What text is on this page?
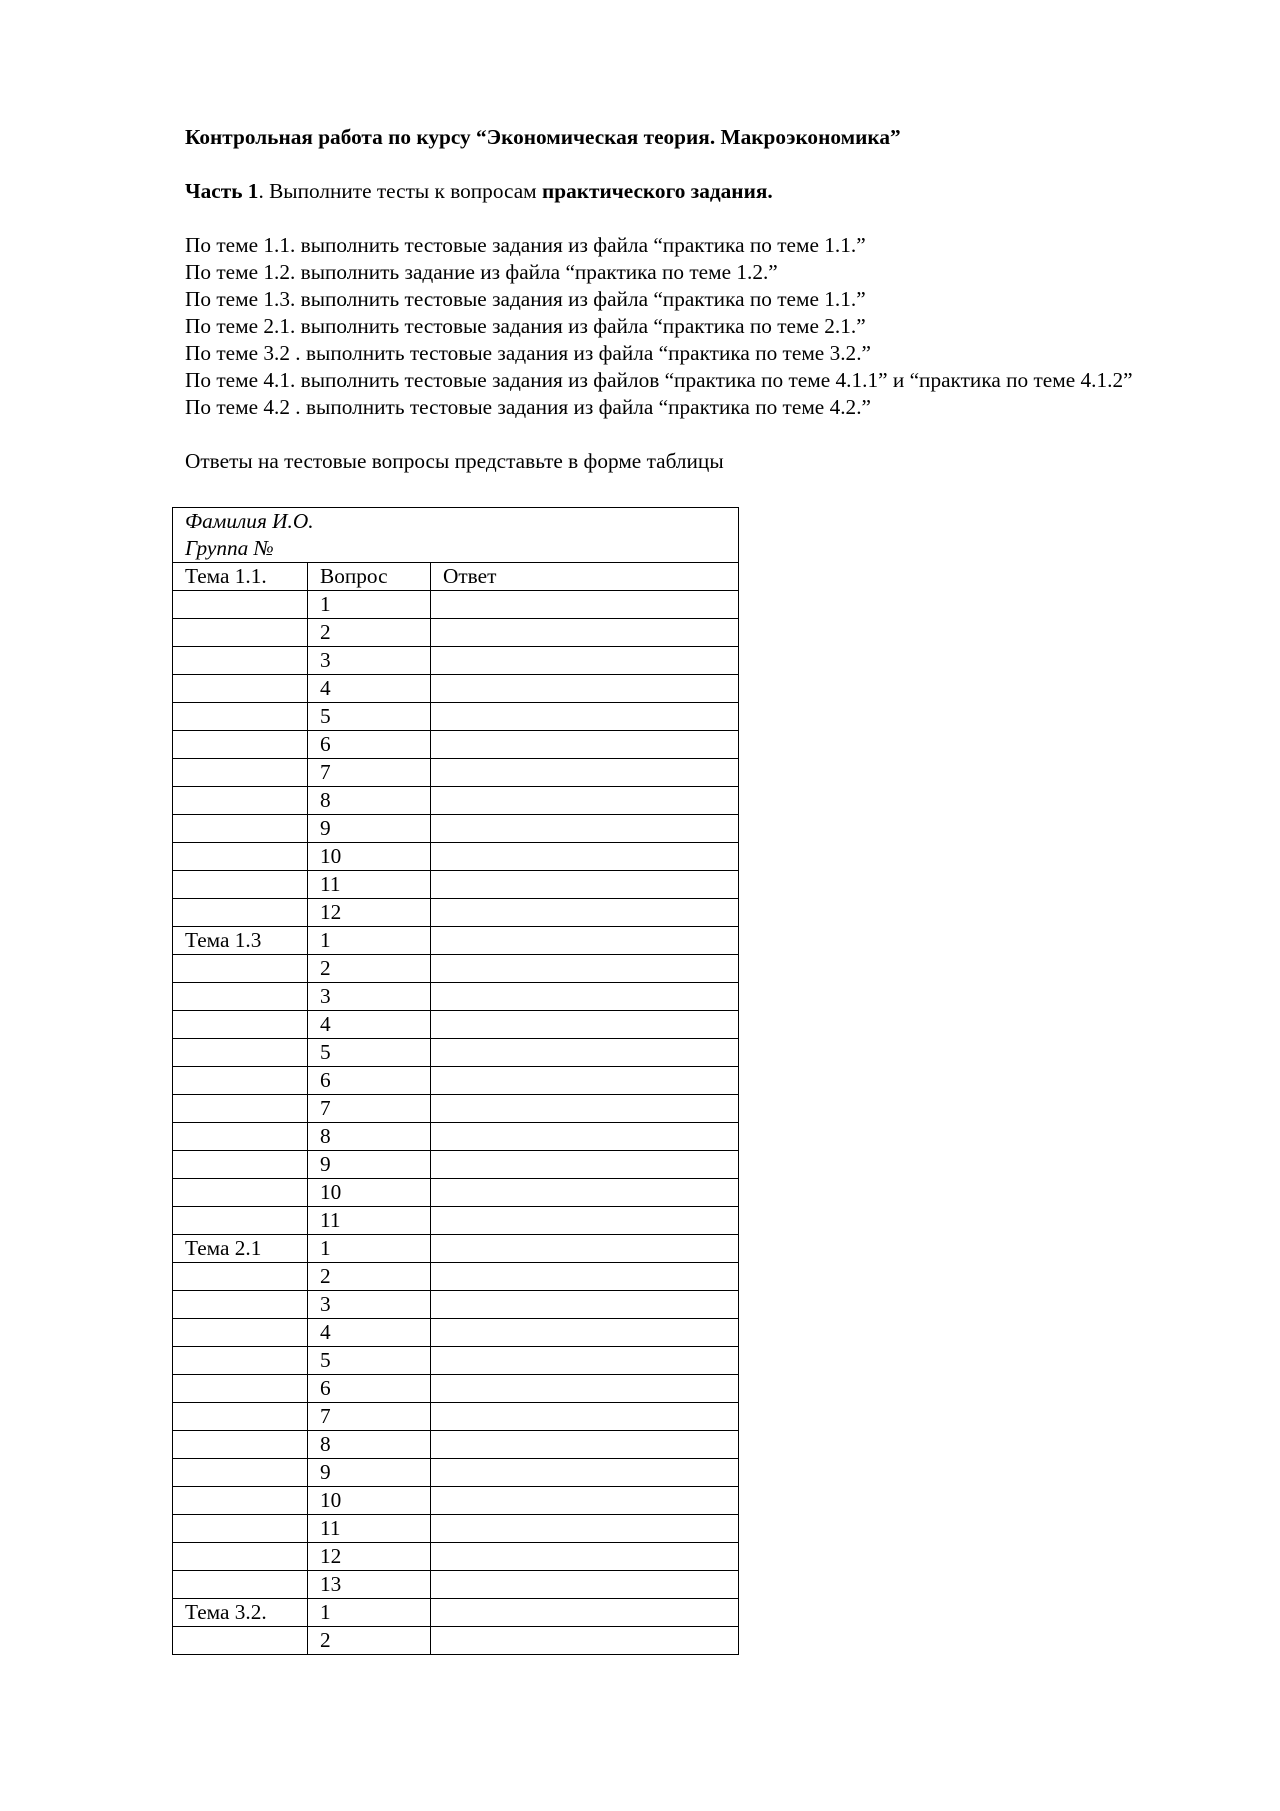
Контрольная работа по курсу “Экономическая теория. Макроэкономика”

Часть 1. Выполните тесты к вопросам практического задания.

По теме 1.1. выполнить тестовые задания из файла “практика по теме 1.1.”

По теме 1.2. выполнить задание из файла “практика по теме 1.2.”

По теме 1.3. выполнить тестовые задания из файла “практика по теме 1.1.”

По теме 2.1. выполнить тестовые задания из файла “практика по теме 2.1.”

По теме 3.2 . выполнить тестовые задания из файла “практика по теме 3.2.”

По теме 4.1. выполнить тестовые задания из файлов “практика по теме 4.1.1” и “практика по теме 4.1.2”

По теме 4.2 . выполнить тестовые задания из файла “практика по теме 4.2.”

Ответы на тестовые вопросы представьте в форме таблицы
Фамилия И.О.
Группа №		

Тема 1.1.	Вопрос	Ответ
	1	
	2	
	3	
	4	
	5	
	6	
	7	
	8	
	9	
	10	
	11	
	12	
Тема 1.3	1	
	2	
	3	
	4	
	5	
	6	
	7	
	8	
	9	
	10	
	11	
Тема 2.1	1	
	2	
	3	
	4	
	5	
	6	
	7	
	8	
	9	
	10	
	11	
	12	
	13	
Тема 3.2.	1	
	2	
